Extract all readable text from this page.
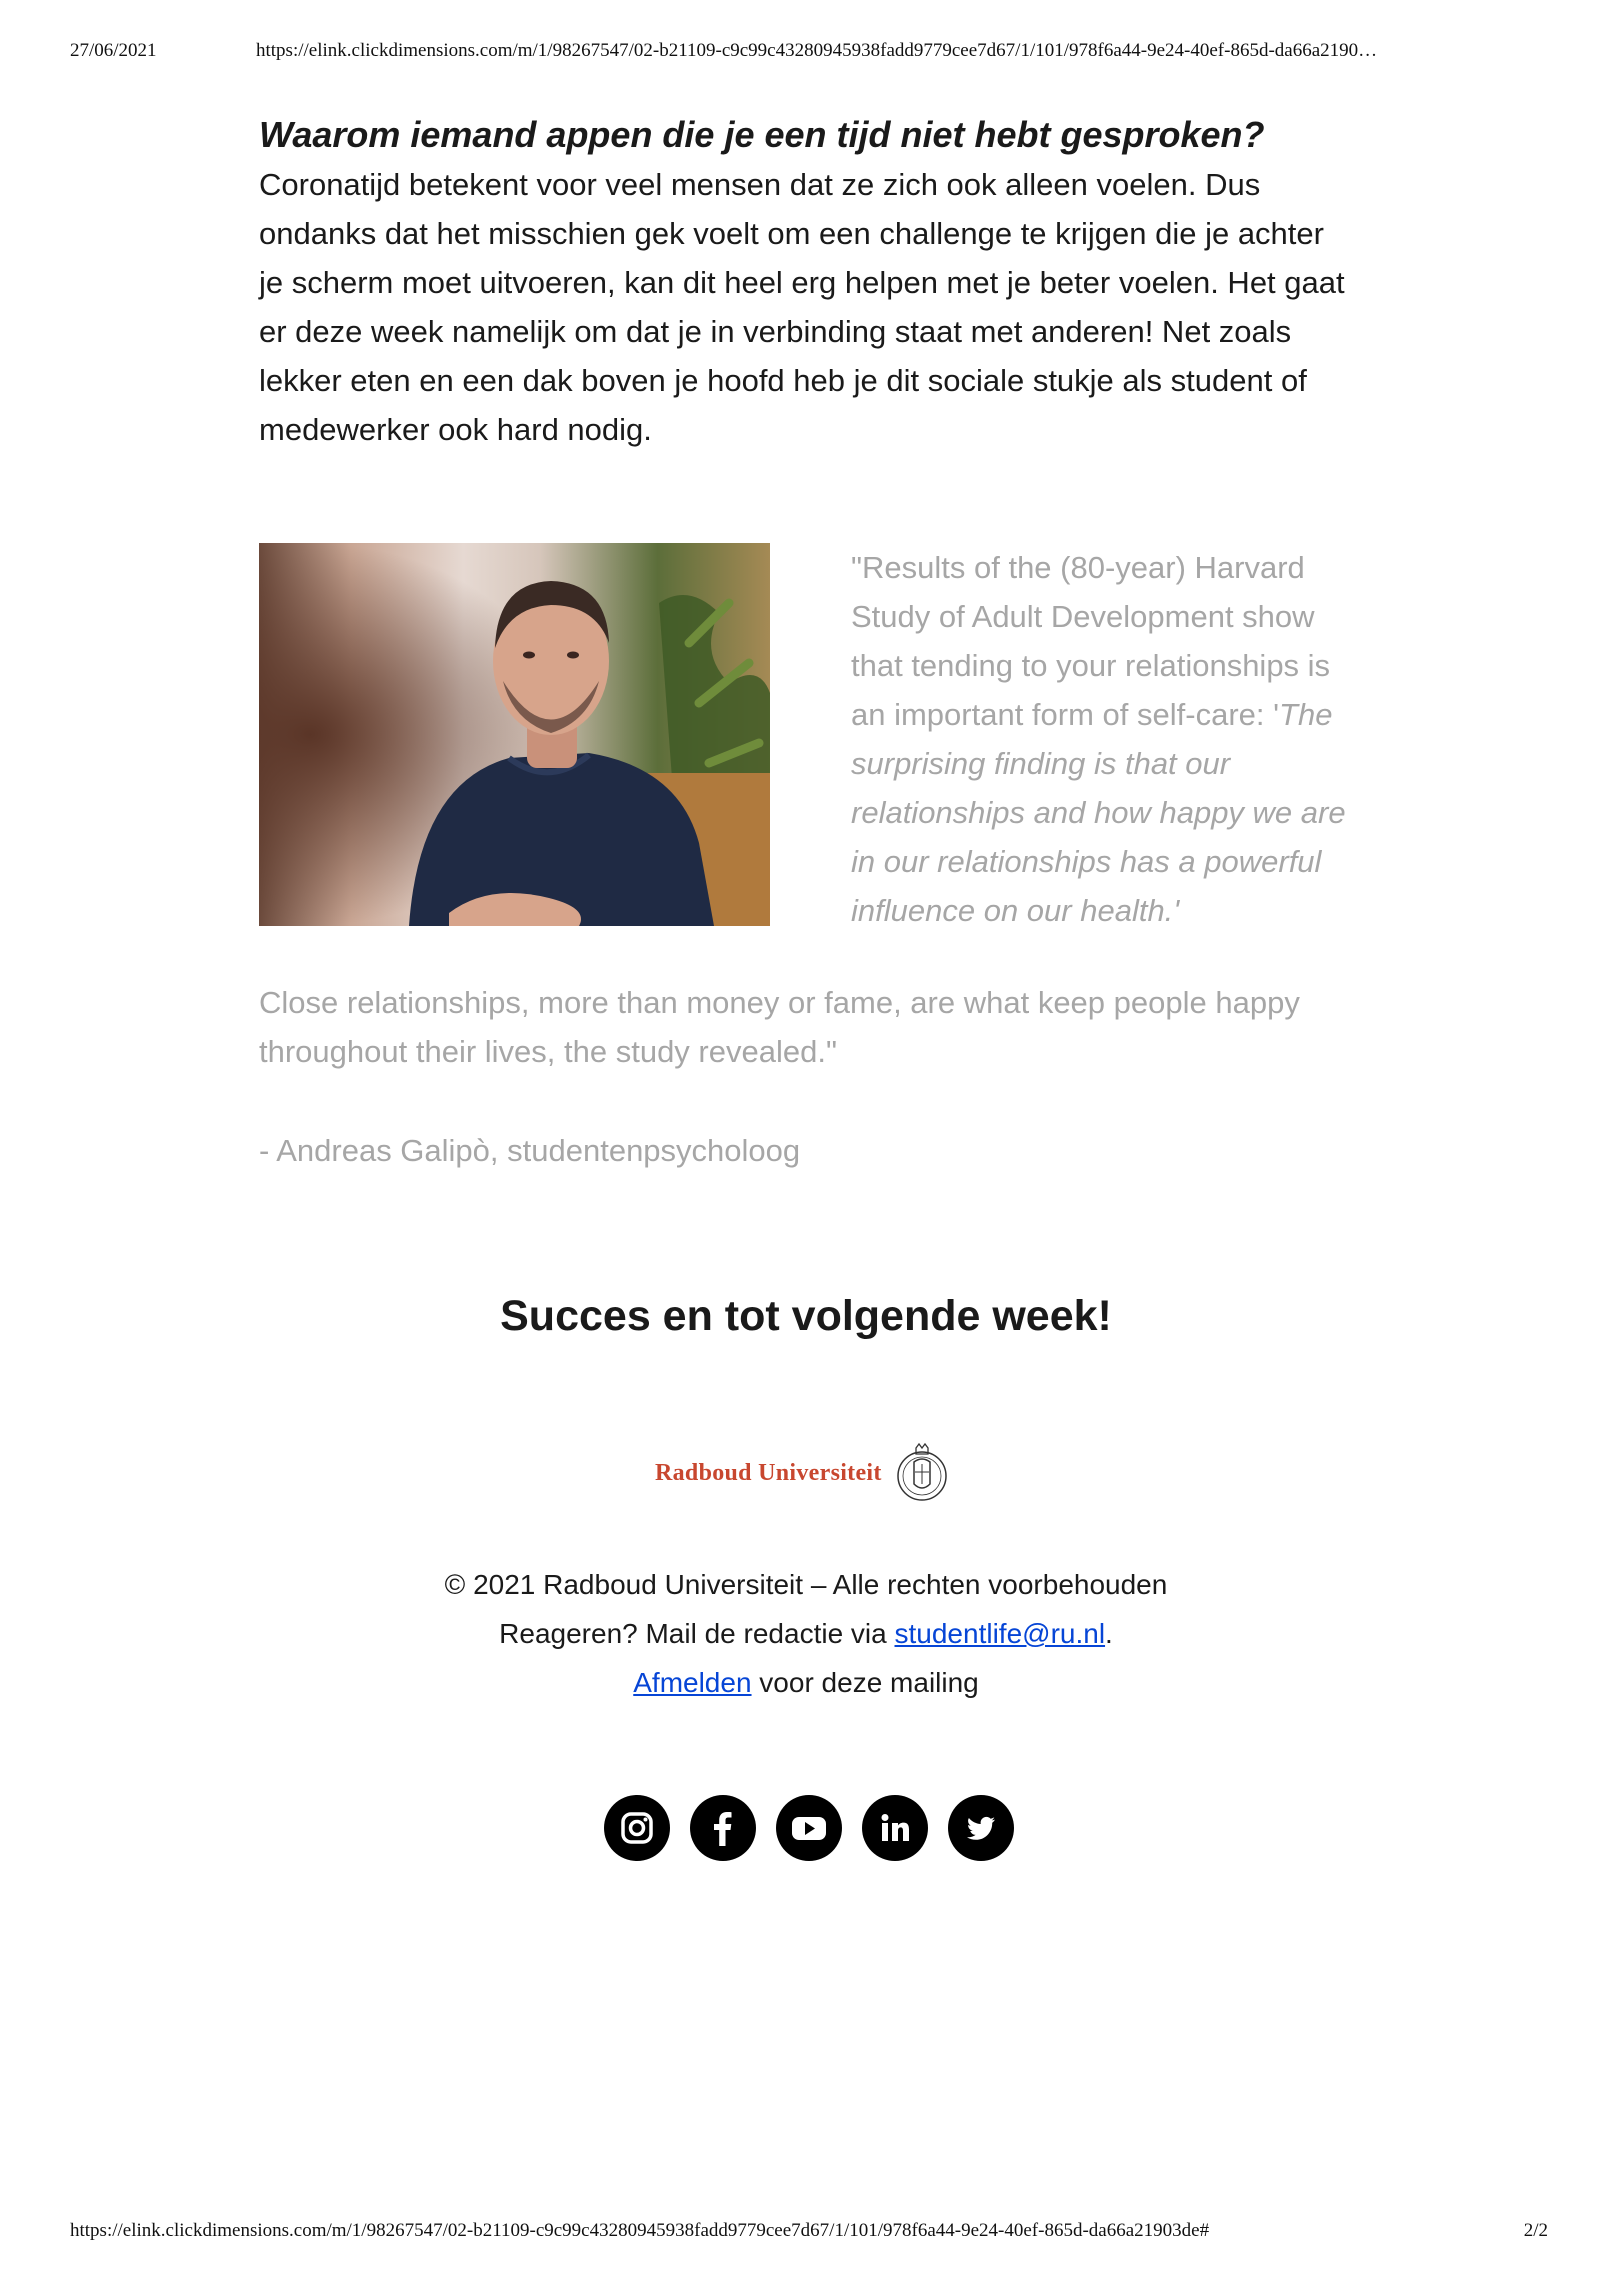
27/06/2021	https://elink.clickdimensions.com/m/1/98267547/02-b21109-c9c99c43280945938fadd9779cee7d67/1/101/978f6a44-9e24-40ef-865d-da66a2190…
Waarom iemand appen die je een tijd niet hebt gesproken?

Coronatijd betekent voor veel mensen dat ze zich ook alleen voelen. Dus ondanks dat het misschien gek voelt om een challenge te krijgen die je achter je scherm moet uitvoeren, kan dit heel erg helpen met je beter voelen. Het gaat er deze week namelijk om dat je in verbinding staat met anderen! Net zoals lekker eten en een dak boven je hoofd heb je dit sociale stukje als student of medewerker ook hard nodig.

"Results of the (80-year) Harvard Study of Adult Development show that tending to your relationships is an important form of self-care: 'The surprising finding is that our relationships and how happy we are in our relationships has a powerful influence on our health.'

Close relationships, more than money or fame, are what keep people happy throughout their lives, the study revealed."

- Andreas Galipò, studentenpsycholoog

Succes en tot volgende week!
Radboud Universiteit

© 2021 Radboud Universiteit – Alle rechten voorbehouden

Reageren? Mail de redactie via studentlife@ru.nl.

Afmelden voor deze mailing

https://elink.clickdimensions.com/m/1/98267547/02-b21109-c9c99c43280945938fadd9779cee7d67/1/101/978f6a44-9e24-40ef-865d-da66a21903de#	2/2
